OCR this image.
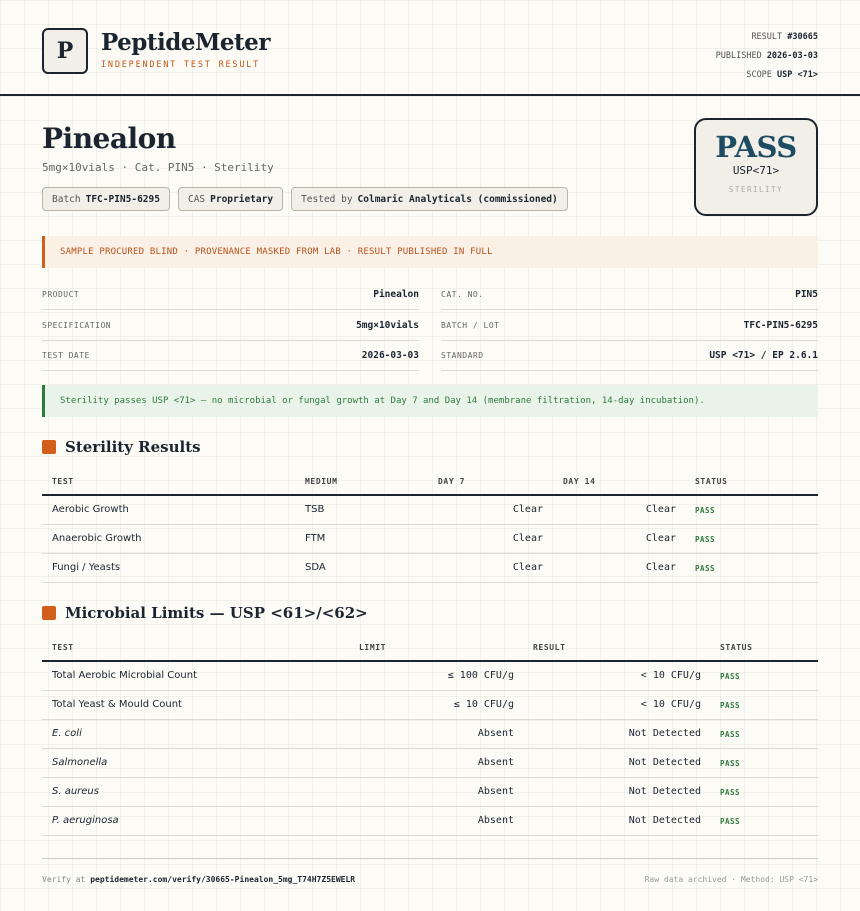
P	PeptideMeter
INDEPENDENT TEST RESULT
RESULT #30665
PUBLISHED 2026-03-03
SCOPE USP <71>
Pinealon
5mg×10vials · Cat. PIN5 · Sterility
Batch TFC-PIN5-6295	CAS Proprietary	Tested by Colmaric Analyticals (commissioned)
PASS
USP<71>
STERILITY
SAMPLE PROCURED BLIND · PROVENANCE MASKED FROM LAB · RESULT PUBLISHED IN FULL
PRODUCT	Pinealon
SPECIFICATION	5mg×10vials
TEST DATE	2026-03-03
CAT. NO.	PIN5
BATCH / LOT	TFC-PIN5-6295
STANDARD	USP <71> / EP 2.6.1
Sterility passes USP <71> — no microbial or fungal growth at Day 7 and Day 14 (membrane filtration, 14-day incubation).
Sterility Results
TEST	MEDIUM	DAY 7	DAY 14	STATUS
Aerobic Growth	TSB	Clear	Clear	PASS
Anaerobic Growth	FTM	Clear	Clear	PASS
Fungi / Yeasts	SDA	Clear	Clear	PASS
Microbial Limits — USP <61>/<62>
TEST	LIMIT	RESULT	STATUS
Total Aerobic Microbial Count	≤ 100 CFU/g	< 10 CFU/g	PASS
Total Yeast & Mould Count	≤ 10 CFU/g	< 10 CFU/g	PASS
E. coli	Absent	Not Detected	PASS
Salmonella	Absent	Not Detected	PASS
S. aureus	Absent	Not Detected	PASS
P. aeruginosa	Absent	Not Detected	PASS
Verify at peptidemeter.com/verify/30665-Pinealon_5mg_T74H7Z5EWELR	Raw data archived · Method: USP <71>
